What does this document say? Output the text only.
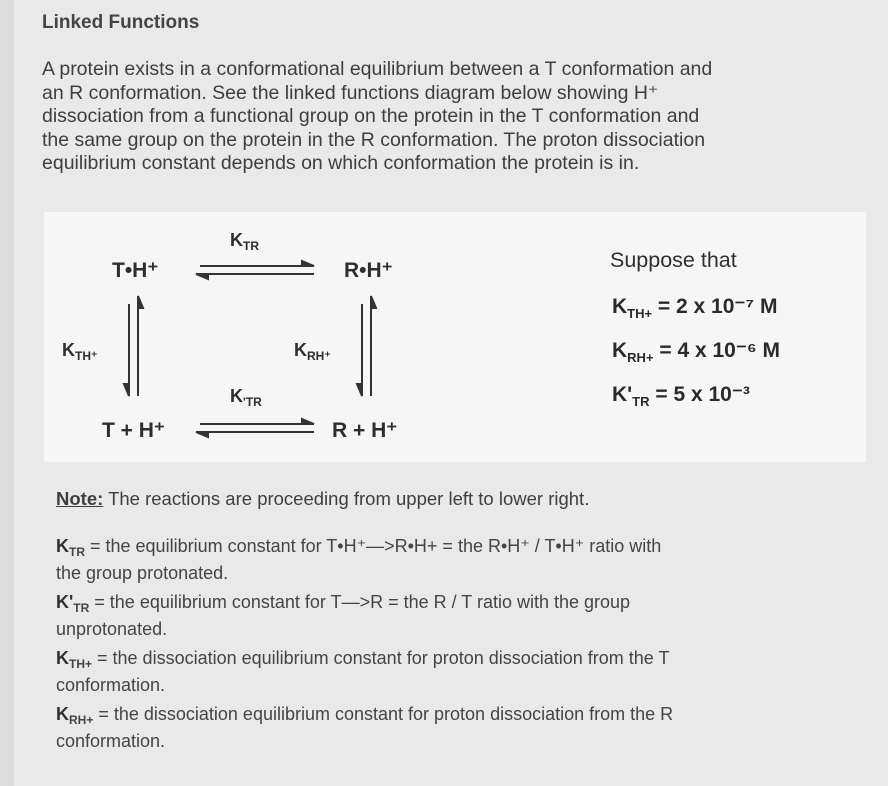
Linked Functions
A protein exists in a conformational equilibrium between a T conformation and
an R conformation. See the linked functions diagram below showing H⁺
dissociation from a functional group on the protein in the T conformation and
the same group on the protein in the R conformation. The proton dissociation
equilibrium constant depends on which conformation the protein is in.
T•H⁺	R•H⁺
T + H⁺	R + H⁺
$K_{TR}$
$K_{'TR}$
$K_{TH^+}$	$K_{RH^+}$
Suppose that
$K_{TH+} = 2$ x 10⁻⁷ M
$K_{RH+} = 4$ x 10⁻⁶ M
$K'_{TR} = 5$ x 10⁻³
Note: The reactions are proceeding from upper left to lower right.
$K_{TR}$ = the equilibrium constant for T•H⁺—>R•H+ = the R•H⁺ / T•H⁺ ratio with
the group protonated.
$K'_{TR}$ = the equilibrium constant for T—>R = the R / T ratio with the group
unprotonated.
$K_{TH+}$ = the dissociation equilibrium constant for proton dissociation from the T
conformation.
$K_{RH+}$ = the dissociation equilibrium constant for proton dissociation from the R
conformation.
